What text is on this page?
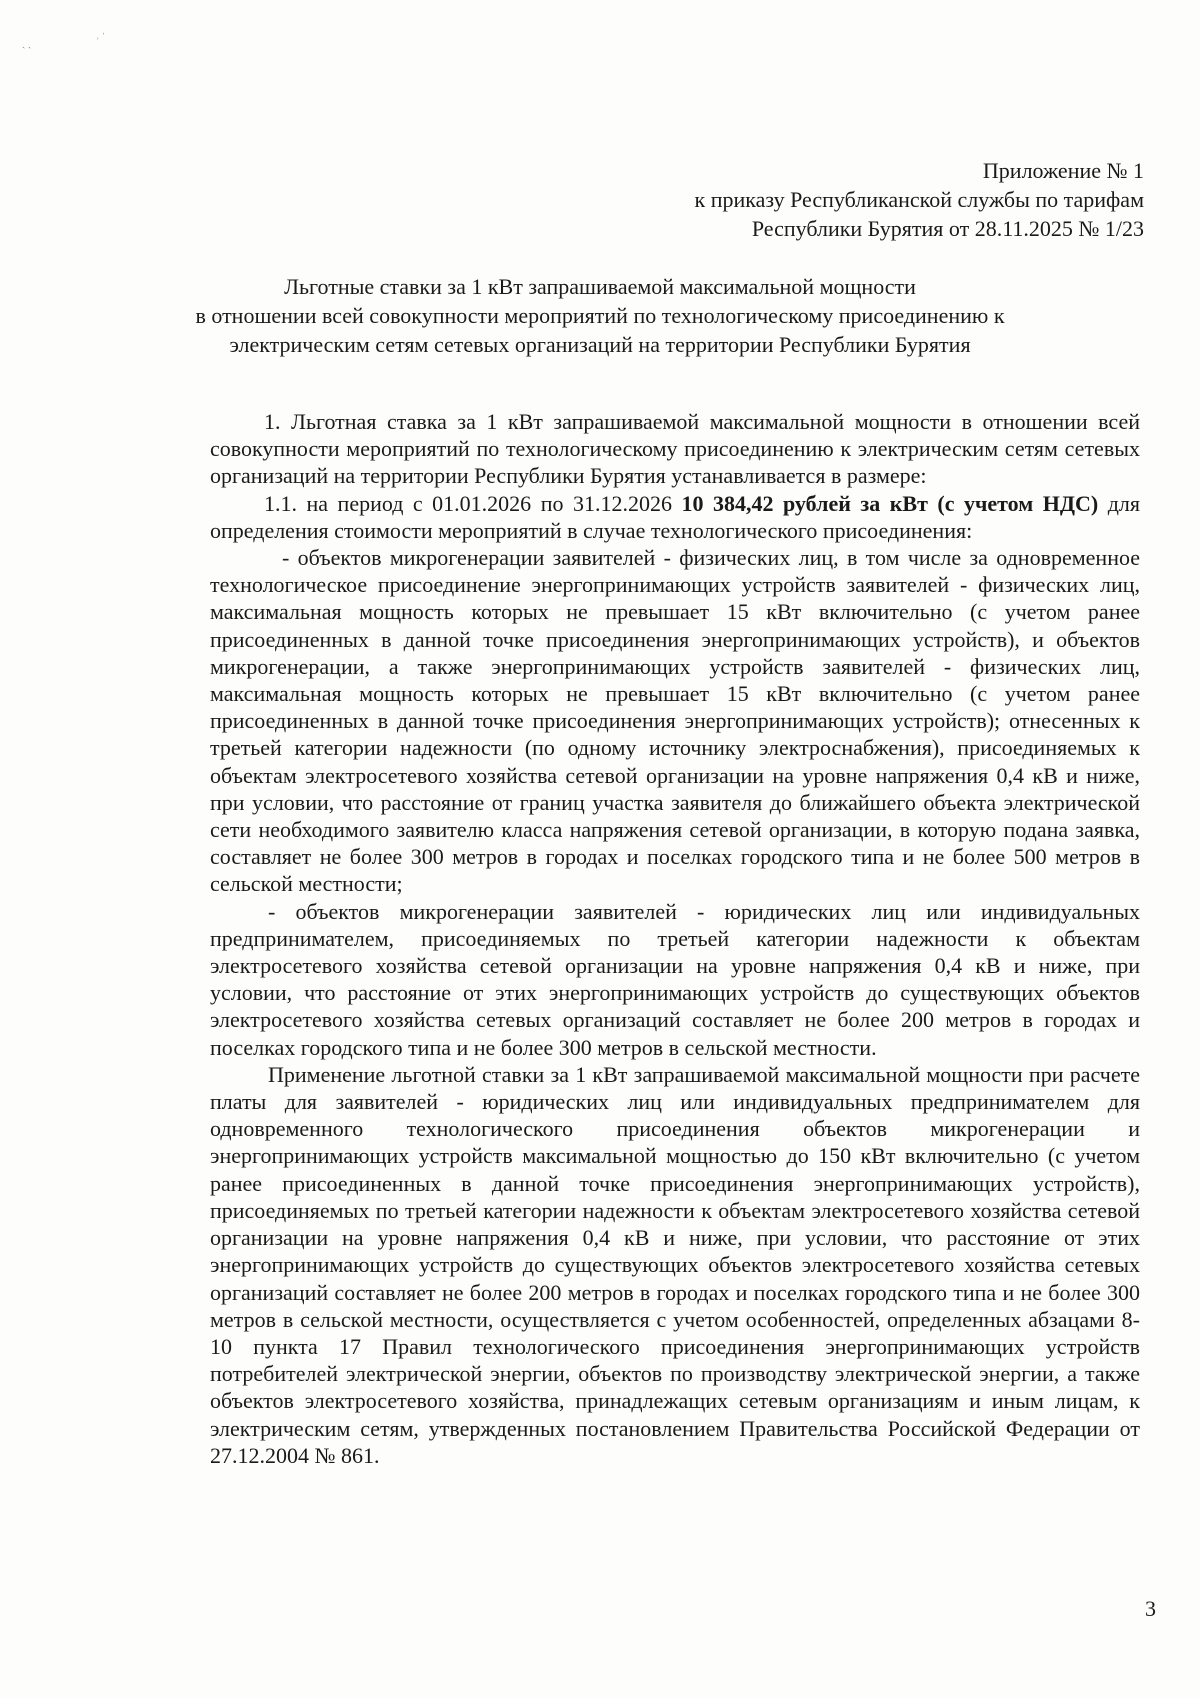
ˎ ˏ
˒ ˈ
Приложение № 1
к приказу Республиканской службы по тарифам
Республики Бурятия от 28.11.2025 № 1/23
Льготные ставки за 1 кВт запрашиваемой максимальной мощности
в отношении всей совокупности мероприятий по технологическому присоединению к
электрическим сетям сетевых организаций на территории Республики Бурятия

1. Льготная ставка за 1 кВт запрашиваемой максимальной мощности в отношении всей совокупности мероприятий по технологическому присоединению к электрическим сетям сетевых организаций на территории Республики Бурятия устанавливается в размере:

1.1. на период с 01.01.2026 по 31.12.2026 10 384,42 рублей за кВт (с учетом НДС) для определения стоимости мероприятий в случае технологического присоединения:

- объектов микрогенерации заявителей - физических лиц, в том числе за одновременное технологическое присоединение энергопринимающих устройств заявителей - физических лиц, максимальная мощность которых не превышает 15 кВт включительно (с учетом ранее присоединенных в данной точке присоединения энергопринимающих устройств), и объектов микрогенерации, а также энергопринимающих устройств заявителей - физических лиц, максимальная мощность которых не превышает 15 кВт включительно (с учетом ранее присоединенных в данной точке присоединения энергопринимающих устройств); отнесенных к третьей категории надежности (по одному источнику электроснабжения), присоединяемых к объектам электросетевого хозяйства сетевой организации на уровне напряжения 0,4 кВ и ниже, при условии, что расстояние от границ участка заявителя до ближайшего объекта электрической сети необходимого заявителю класса напряжения сетевой организации, в которую подана заявка, составляет не более 300 метров в городах и поселках городского типа и не более 500 метров в сельской местности;

- объектов микрогенерации заявителей - юридических лиц или индивидуальных предпринимателем, присоединяемых по третьей категории надежности к объектам электросетевого хозяйства сетевой организации на уровне напряжения 0,4 кВ и ниже, при условии, что расстояние от этих энергопринимающих устройств до существующих объектов электросетевого хозяйства сетевых организаций составляет не более 200 метров в городах и поселках городского типа и не более 300 метров в сельской местности.

Применение льготной ставки за 1 кВт запрашиваемой максимальной мощности при расчете платы для заявителей - юридических лиц или индивидуальных предпринимателем для одновременного технологического присоединения объектов микрогенерации и энергопринимающих устройств максимальной мощностью до 150 кВт включительно (с учетом ранее присоединенных в данной точке присоединения энергопринимающих устройств), присоединяемых по третьей категории надежности к объектам электросетевого хозяйства сетевой организации на уровне напряжения 0,4 кВ и ниже, при условии, что расстояние от этих энергопринимающих устройств до существующих объектов электросетевого хозяйства сетевых организаций составляет не более 200 метров в городах и поселках городского типа и не более 300 метров в сельской местности, осуществляется с учетом особенностей, определенных абзацами 8-10 пункта 17 Правил технологического присоединения энергопринимающих устройств потребителей электрической энергии, объектов по производству электрической энергии, а также объектов электросетевого хозяйства, принадлежащих сетевым организациям и иным лицам, к электрическим сетям, утвержденных постановлением Правительства Российской Федерации от 27.12.2004 № 861.

3
